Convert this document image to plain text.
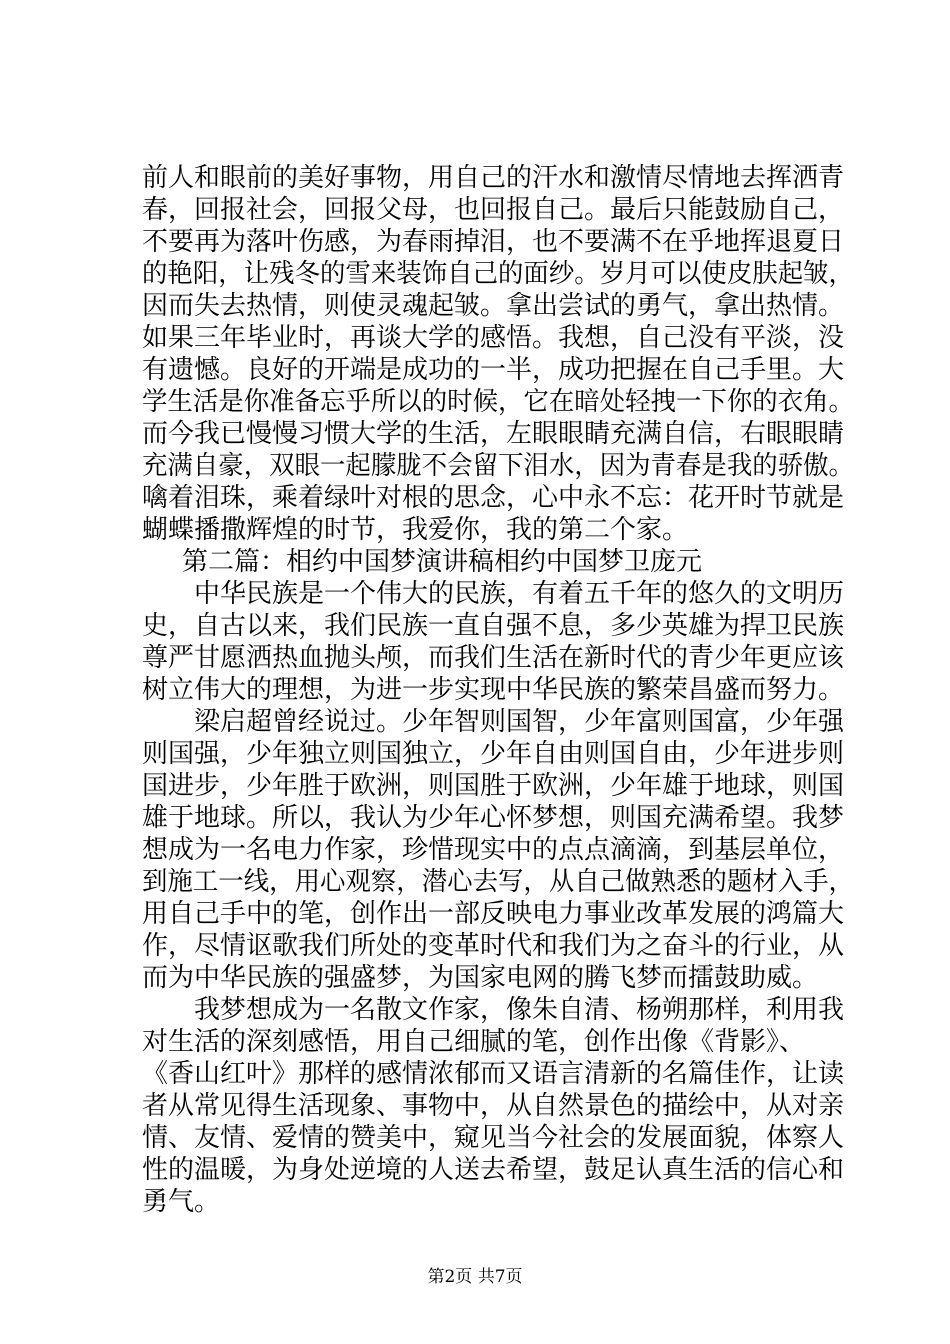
前人和眼前的美好事物，用自己的汗水和激情尽情地去挥洒青
春，回报社会，回报父母，也回报自己。最后只能鼓励自己，
不要再为落叶伤感，为春雨掉泪，也不要满不在乎地挥退夏日
的艳阳，让残冬的雪来装饰自己的面纱。岁月可以使皮肤起皱，
因而失去热情，则使灵魂起皱。拿出尝试的勇气，拿出热情。
如果三年毕业时，再谈大学的感悟。我想，自己没有平淡，没
有遗憾。良好的开端是成功的一半，成功把握在自己手里。大
学生活是你准备忘乎所以的时候，它在暗处轻拽一下你的衣角。
而今我已慢慢习惯大学的生活，左眼眼睛充满自信，右眼眼睛
充满自豪，双眼一起朦胧不会留下泪水，因为青春是我的骄傲。
噙着泪珠，乘着绿叶对根的思念，心中永不忘：花开时节就是
蝴蝶播撒辉煌的时节，我爱你，我的第二个家。
第二篇：相约中国梦演讲稿相约中国梦卫庞元
　　中华民族是一个伟大的民族，有着五千年的悠久的文明历
史，自古以来，我们民族一直自强不息，多少英雄为捍卫民族
尊严甘愿洒热血抛头颅，而我们生活在新时代的青少年更应该
树立伟大的理想，为进一步实现中华民族的繁荣昌盛而努力。
　　梁启超曾经说过。少年智则国智，少年富则国富，少年强
则国强，少年独立则国独立，少年自由则国自由，少年进步则
国进步，少年胜于欧洲，则国胜于欧洲，少年雄于地球，则国
雄于地球。所以，我认为少年心怀梦想，则国充满希望。我梦
想成为一名电力作家，珍惜现实中的点点滴滴，到基层单位，
到施工一线，用心观察，潜心去写，从自己做熟悉的题材入手，
用自己手中的笔，创作出一部反映电力事业改革发展的鸿篇大
作，尽情讴歌我们所处的变革时代和我们为之奋斗的行业，从
而为中华民族的强盛梦，为国家电网的腾飞梦而擂鼓助威。
　　我梦想成为一名散文作家，像朱自清、杨朔那样，利用我
对生活的深刻感悟，用自己细腻的笔，创作出像《背影》、
《香山红叶》那样的感情浓郁而又语言清新的名篇佳作，让读
者从常见得生活现象、事物中，从自然景色的描绘中，从对亲
情、友情、爱情的赞美中，窥见当今社会的发展面貌，体察人
性的温暖，为身处逆境的人送去希望，鼓足认真生活的信心和
勇气。
第2页 共7页
